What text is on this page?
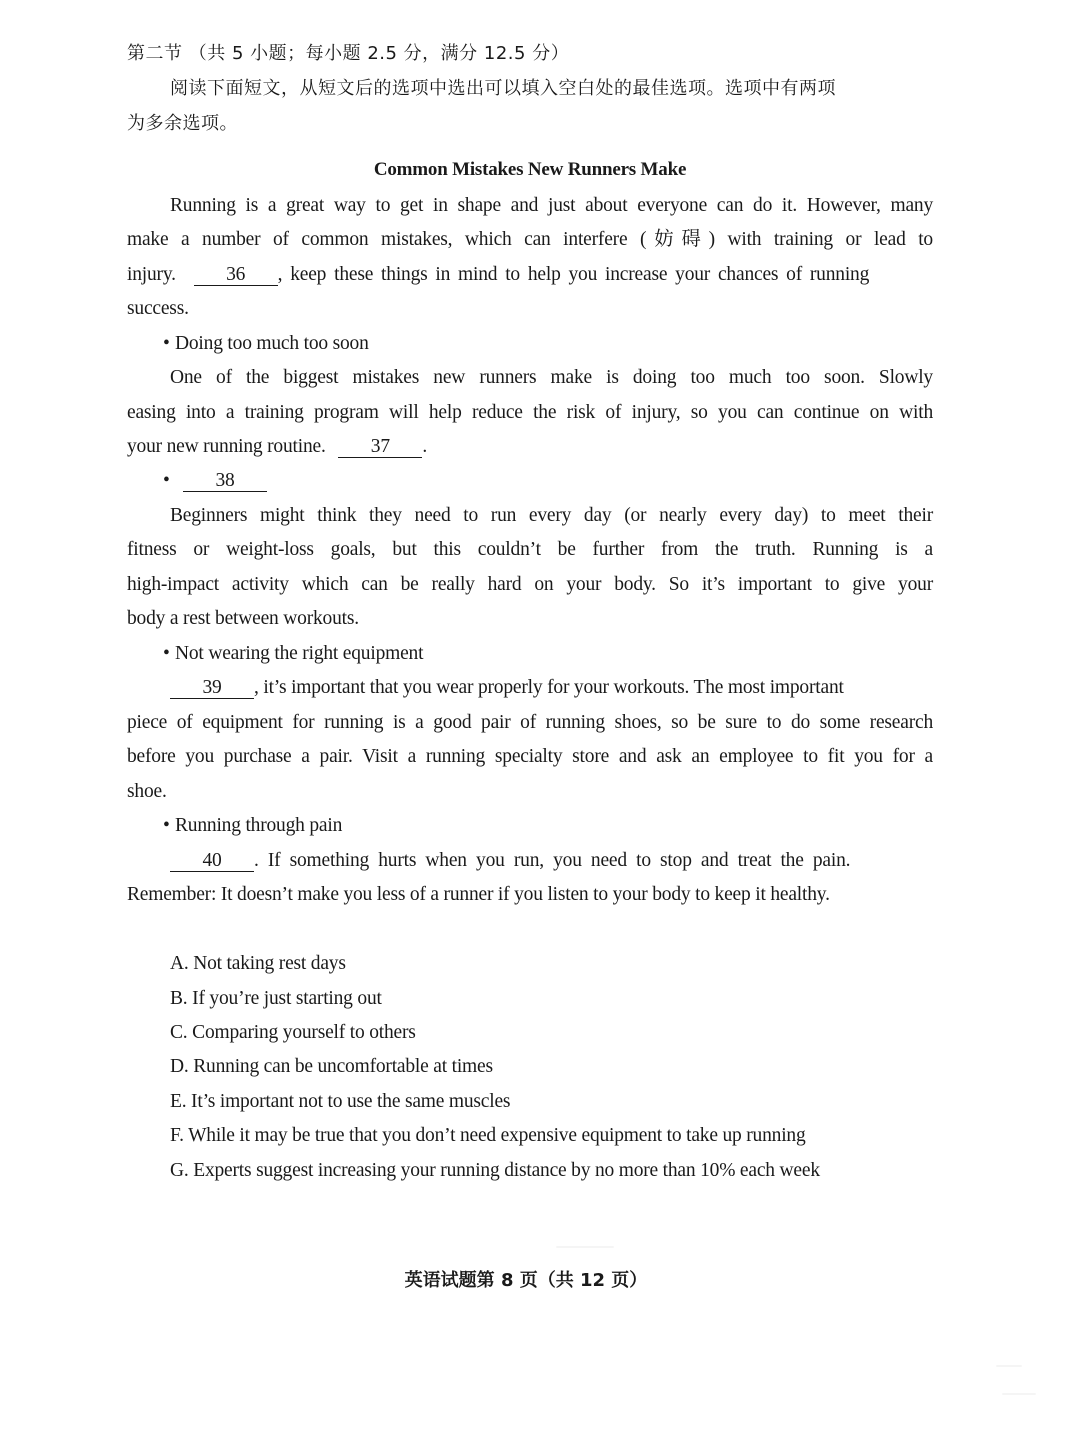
第二节 （共 5 小题；每小题 2.5 分，满分 12.5 分）
阅读下面短文，从短文后的选项中选出可以填入空白处的最佳选项。选项中有两项
为多余选项。
Common Mistakes New Runners Make
Running is a great way to get in shape and just about everyone can do it. However, many
make a number of common mistakes, which can interfere (妨碍) with training or lead to
injury.	36 , keep these things in mind to help you increase your chances of running
success.
• Doing too much too soon
One of the biggest mistakes new runners make is doing too much too soon. Slowly
easing into a training program will help reduce the risk of injury, so you can continue on with
your new running routine. 37 .
• 38
Beginners might think they need to run every day (or nearly every day) to meet their
fitness or weight-loss goals, but this couldn’t be further from the truth. Running is a
high-impact activity which can be really hard on your body. So it’s important to give your
body a rest between workouts.
• Not wearing the right equipment
39 , it’s important that you wear properly for your workouts. The most important
piece of equipment for running is a good pair of running shoes, so be sure to do some research
before you purchase a pair. Visit a running specialty store and ask an employee to fit you for a
shoe.
• Running through pain
40 . If something hurts when you run, you need to stop and treat the pain.
Remember: It doesn’t make you less of a runner if you listen to your body to keep it healthy.
A. Not taking rest days
B. If you’re just starting out
C. Comparing yourself to others
D. Running can be uncomfortable at times
E. It’s important not to use the same muscles
F. While it may be true that you don’t need expensive equipment to take up running
G. Experts suggest increasing your running distance by no more than 10% each week
英语试题第 8 页（共 12 页）
